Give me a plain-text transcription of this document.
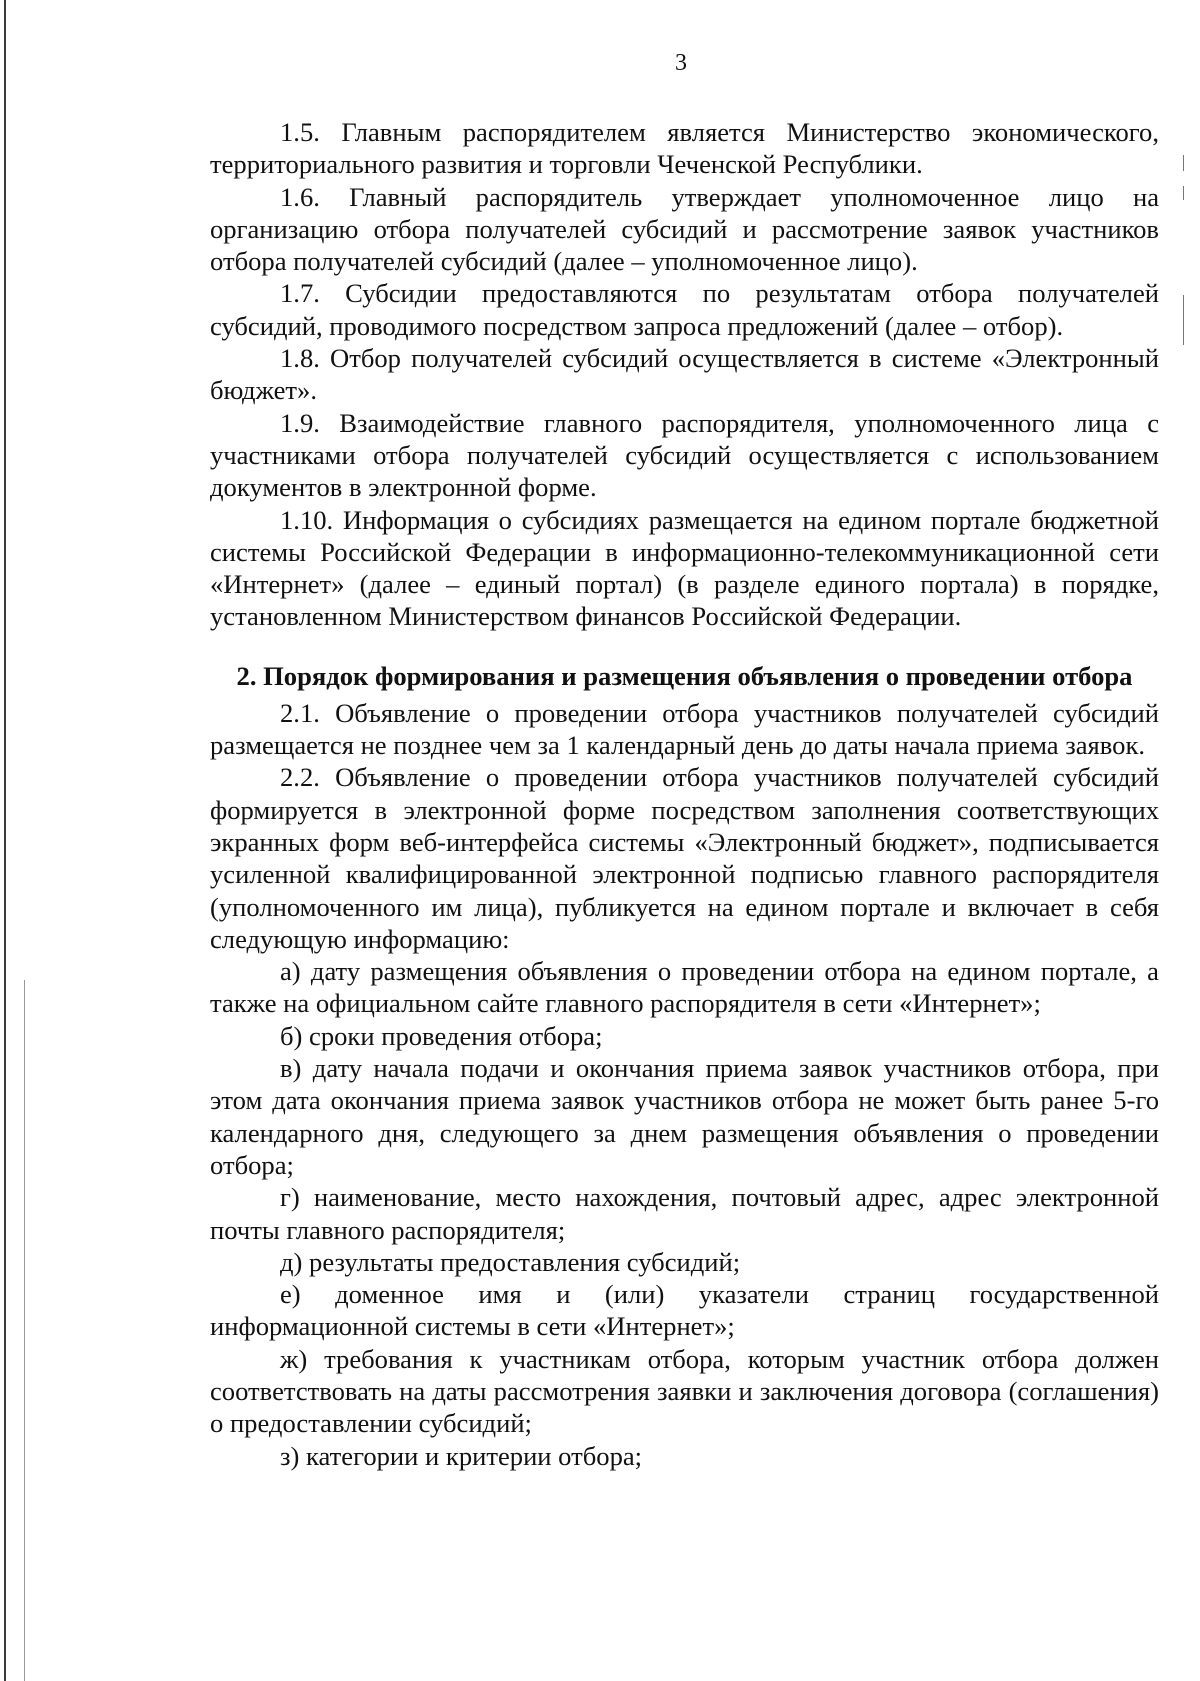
3

1.5. Главным распорядителем является Министерство экономического, территориального развития и торговли Чеченской Республики.

1.6. Главный распорядитель утверждает уполномоченное лицо на организацию отбора получателей субсидий и рассмотрение заявок участников отбора получателей субсидий (далее – уполномоченное лицо).

1.7. Субсидии предоставляются по результатам отбора получателей субсидий, проводимого посредством запроса предложений (далее – отбор).

1.8. Отбор получателей субсидий осуществляется в системе «Электронный бюджет».

1.9. Взаимодействие главного распорядителя, уполномоченного лица с участниками отбора получателей субсидий осуществляется с использованием документов в электронной форме.

1.10. Информация о субсидиях размещается на едином портале бюджетной системы Российской Федерации в информационно-телекоммуникационной сети «Интернет» (далее – единый портал) (в разделе единого портала) в порядке, установленном Министерством финансов Российской Федерации.

2. Порядок формирования и размещения объявления о проведении отбора

2.1. Объявление о проведении отбора участников получателей субсидий размещается не позднее чем за 1 календарный день до даты начала приема заявок.

2.2. Объявление о проведении отбора участников получателей субсидий формируется в электронной форме посредством заполнения соответствующих экранных форм веб-интерфейса системы «Электронный бюджет», подписывается усиленной квалифицированной электронной подписью главного распорядителя (уполномоченного им лица), публикуется на едином портале и включает в себя следующую информацию:

а) дату размещения объявления о проведении отбора на едином портале, а также на официальном сайте главного распорядителя в сети «Интернет»;

б) сроки проведения отбора;

в) дату начала подачи и окончания приема заявок участников отбора, при этом дата окончания приема заявок участников отбора не может быть ранее 5-го календарного дня, следующего за днем размещения объявления о проведении отбора;

г) наименование, место нахождения, почтовый адрес, адрес электронной почты главного распорядителя;

д) результаты предоставления субсидий;

е) доменное имя и (или) указатели страниц государственной информационной системы в сети «Интернет»;

ж) требования к участникам отбора, которым участник отбора должен соответствовать на даты рассмотрения заявки и заключения договора (соглашения) о предоставлении субсидий;

з) категории и критерии отбора;
